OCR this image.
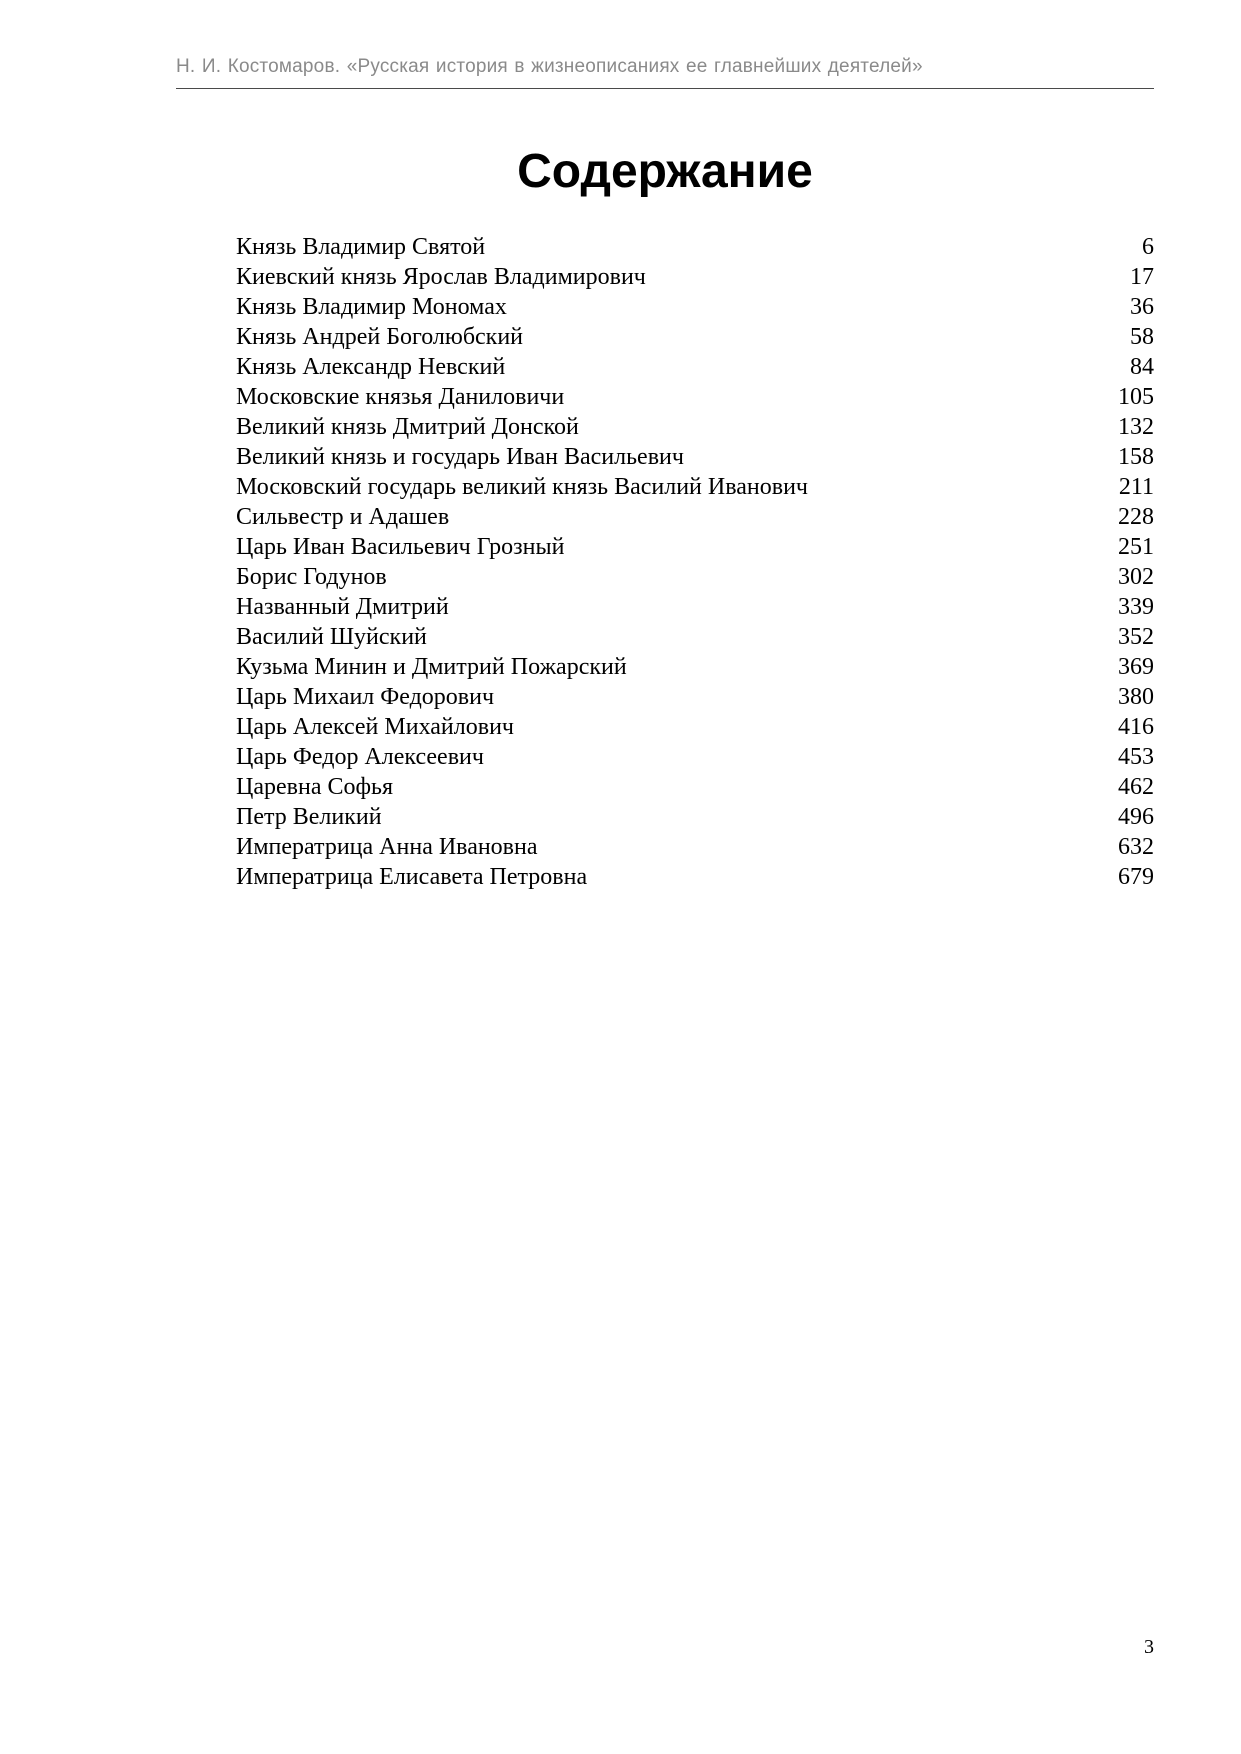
Н. И. Костомаров. «Русская история в жизнеописаниях ее главнейших деятелей»
Содержание
Князь Владимир Святой	6
Киевский князь Ярослав Владимирович	17
Князь Владимир Мономах	36
Князь Андрей Боголюбский	58
Князь Александр Невский	84
Московские князья Даниловичи	105
Великий князь Дмитрий Донской	132
Великий князь и государь Иван Васильевич	158
Московский государь великий князь Василий Иванович	211
Сильвестр и Адашев	228
Царь Иван Васильевич Грозный	251
Борис Годунов	302
Названный Дмитрий	339
Василий Шуйский	352
Кузьма Минин и Дмитрий Пожарский	369
Царь Михаил Федорович	380
Царь Алексей Михайлович	416
Царь Федор Алексеевич	453
Царевна Софья	462
Петр Великий	496
Императрица Анна Ивановна	632
Императрица Елисавета Петровна	679
3
